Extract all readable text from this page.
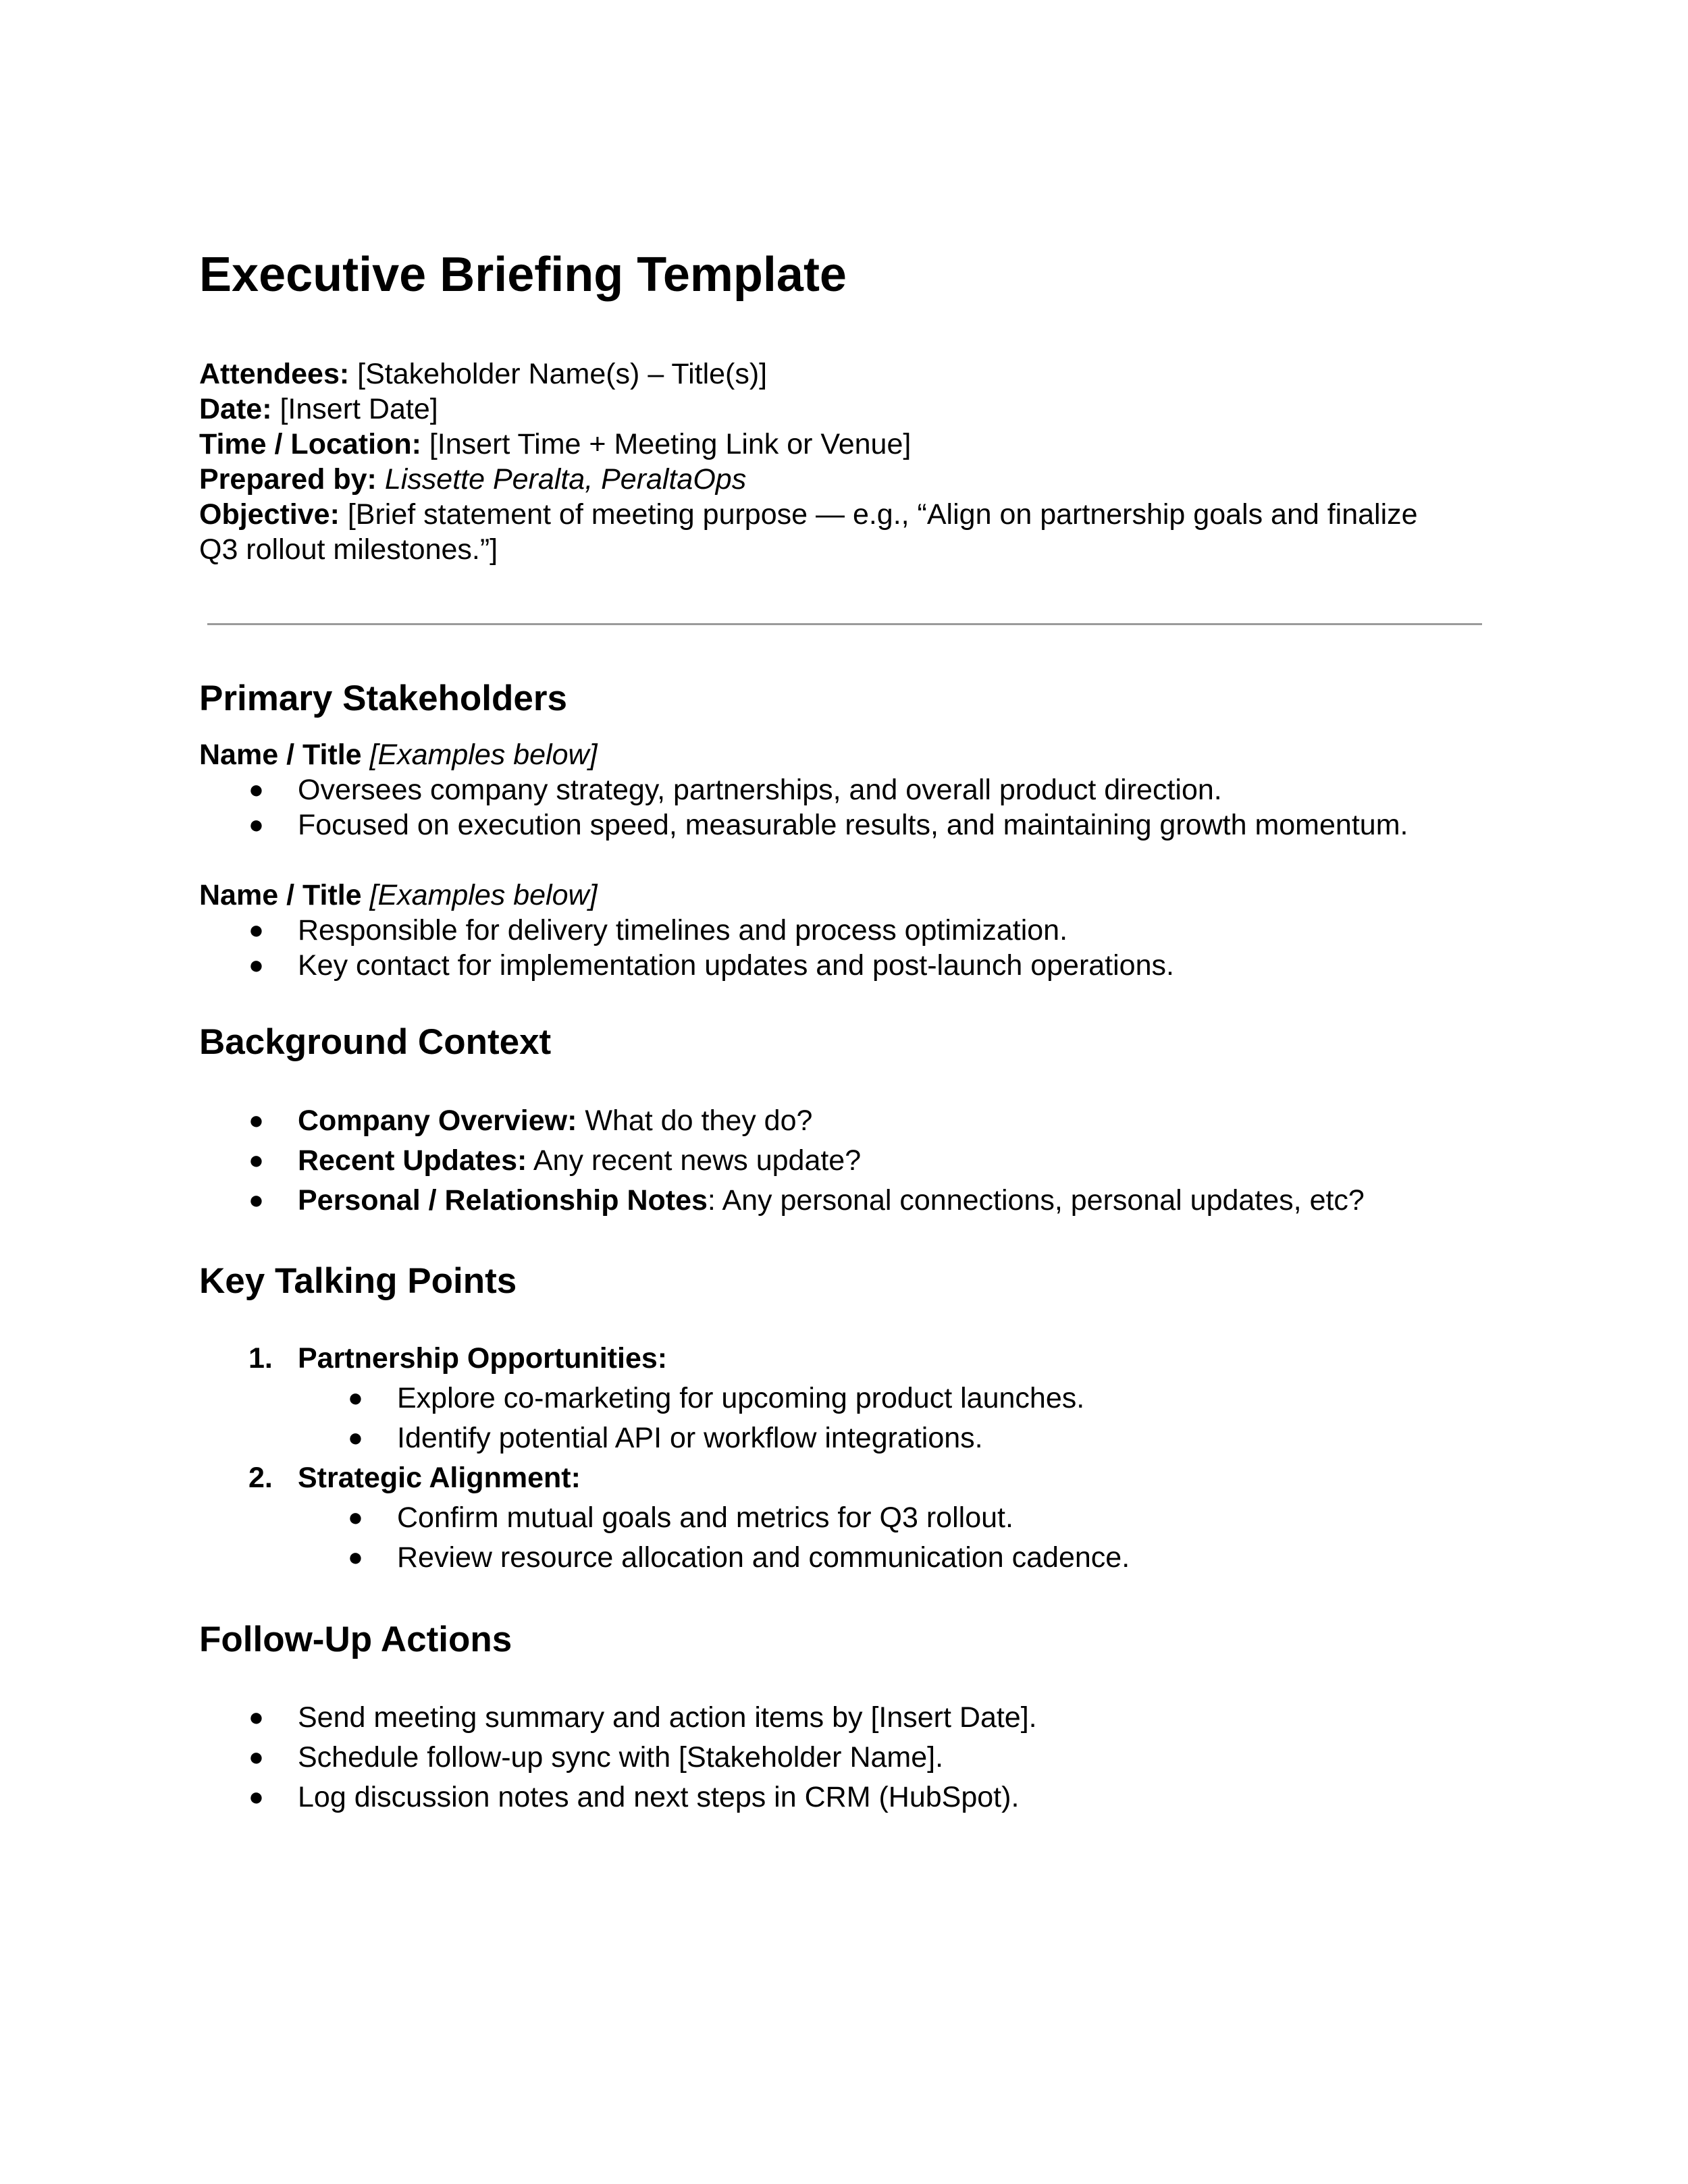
Executive Briefing Template

Attendees: [Stakeholder Name(s) – Title(s)]

Date: [Insert Date]

Time / Location: [Insert Time + Meeting Link or Venue]

Prepared by: Lissette Peralta, PeraltaOps

Objective: [Brief statement of meeting purpose — e.g., “Align on partnership goals and finalize

Q3 rollout milestones.”]

Primary Stakeholders

Name / Title [Examples below]

● Oversees company strategy, partnerships, and overall product direction.

● Focused on execution speed, measurable results, and maintaining growth momentum.

Name / Title [Examples below]

● Responsible for delivery timelines and process optimization.

● Key contact for implementation updates and post-launch operations.

Background Context
● Company Overview: What do they do?

● Recent Updates: Any recent news update?

● Personal / Relationship Notes: Any personal connections, personal updates, etc?

Key Talking Points
1. Partnership Opportunities:

● Explore co-marketing for upcoming product launches.

● Identify potential API or workflow integrations.

2. Strategic Alignment:

● Confirm mutual goals and metrics for Q3 rollout.

● Review resource allocation and communication cadence.

Follow-Up Actions
● Send meeting summary and action items by [Insert Date].

● Schedule follow-up sync with [Stakeholder Name].

● Log discussion notes and next steps in CRM (HubSpot).
